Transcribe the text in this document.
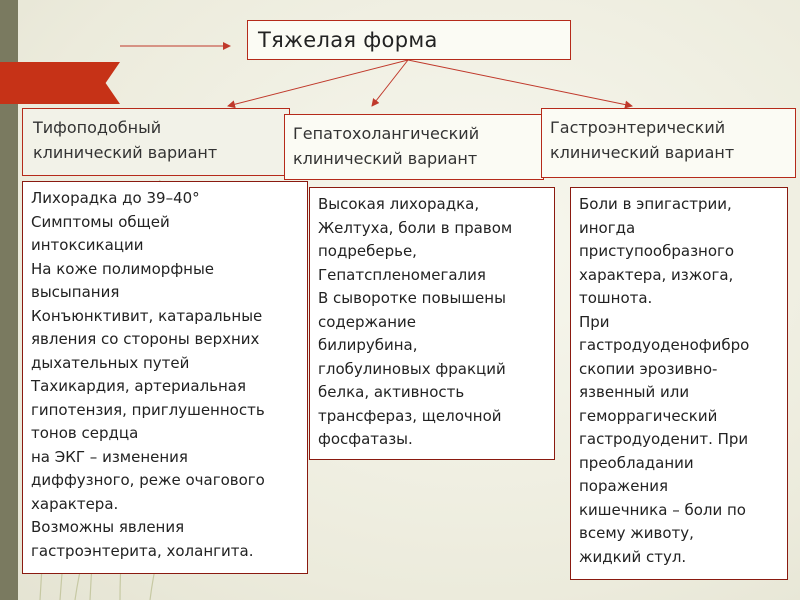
Тяжелая форма
Тифоподобный
клинический вариант
Гепатохолангический
клинический вариант
Гастроэнтерический
клинический вариант
Лихорадка до 39–40°
Симптомы общей
интоксикации
На коже полиморфные
высыпания
Конъюнктивит, катаральные
явления со стороны верхних
дыхательных путей
Тахикардия, артериальная
гипотензия, приглушенность
тонов сердца
на ЭКГ – изменения
диффузного, реже очагового
характера.
Возможны явления
гастроэнтерита, холангита.
Высокая лихорадка,
Желтуха, боли в правом
подреберье,
Гепатспленомегалия
В сыворотке повышены
содержание
билирубина,
глобулиновых фракций
белка, активность
трансфераз, щелочной
фосфатазы.
Боли в эпигастрии,
иногда
приступообразного
характера, изжога,
тошнота.
При
гастродуоденофибро
скопии эрозивно-
язвенный или
геморрагический
гастродуоденит. При
преобладании
поражения
кишечника – боли по
всему животу,
жидкий стул.
